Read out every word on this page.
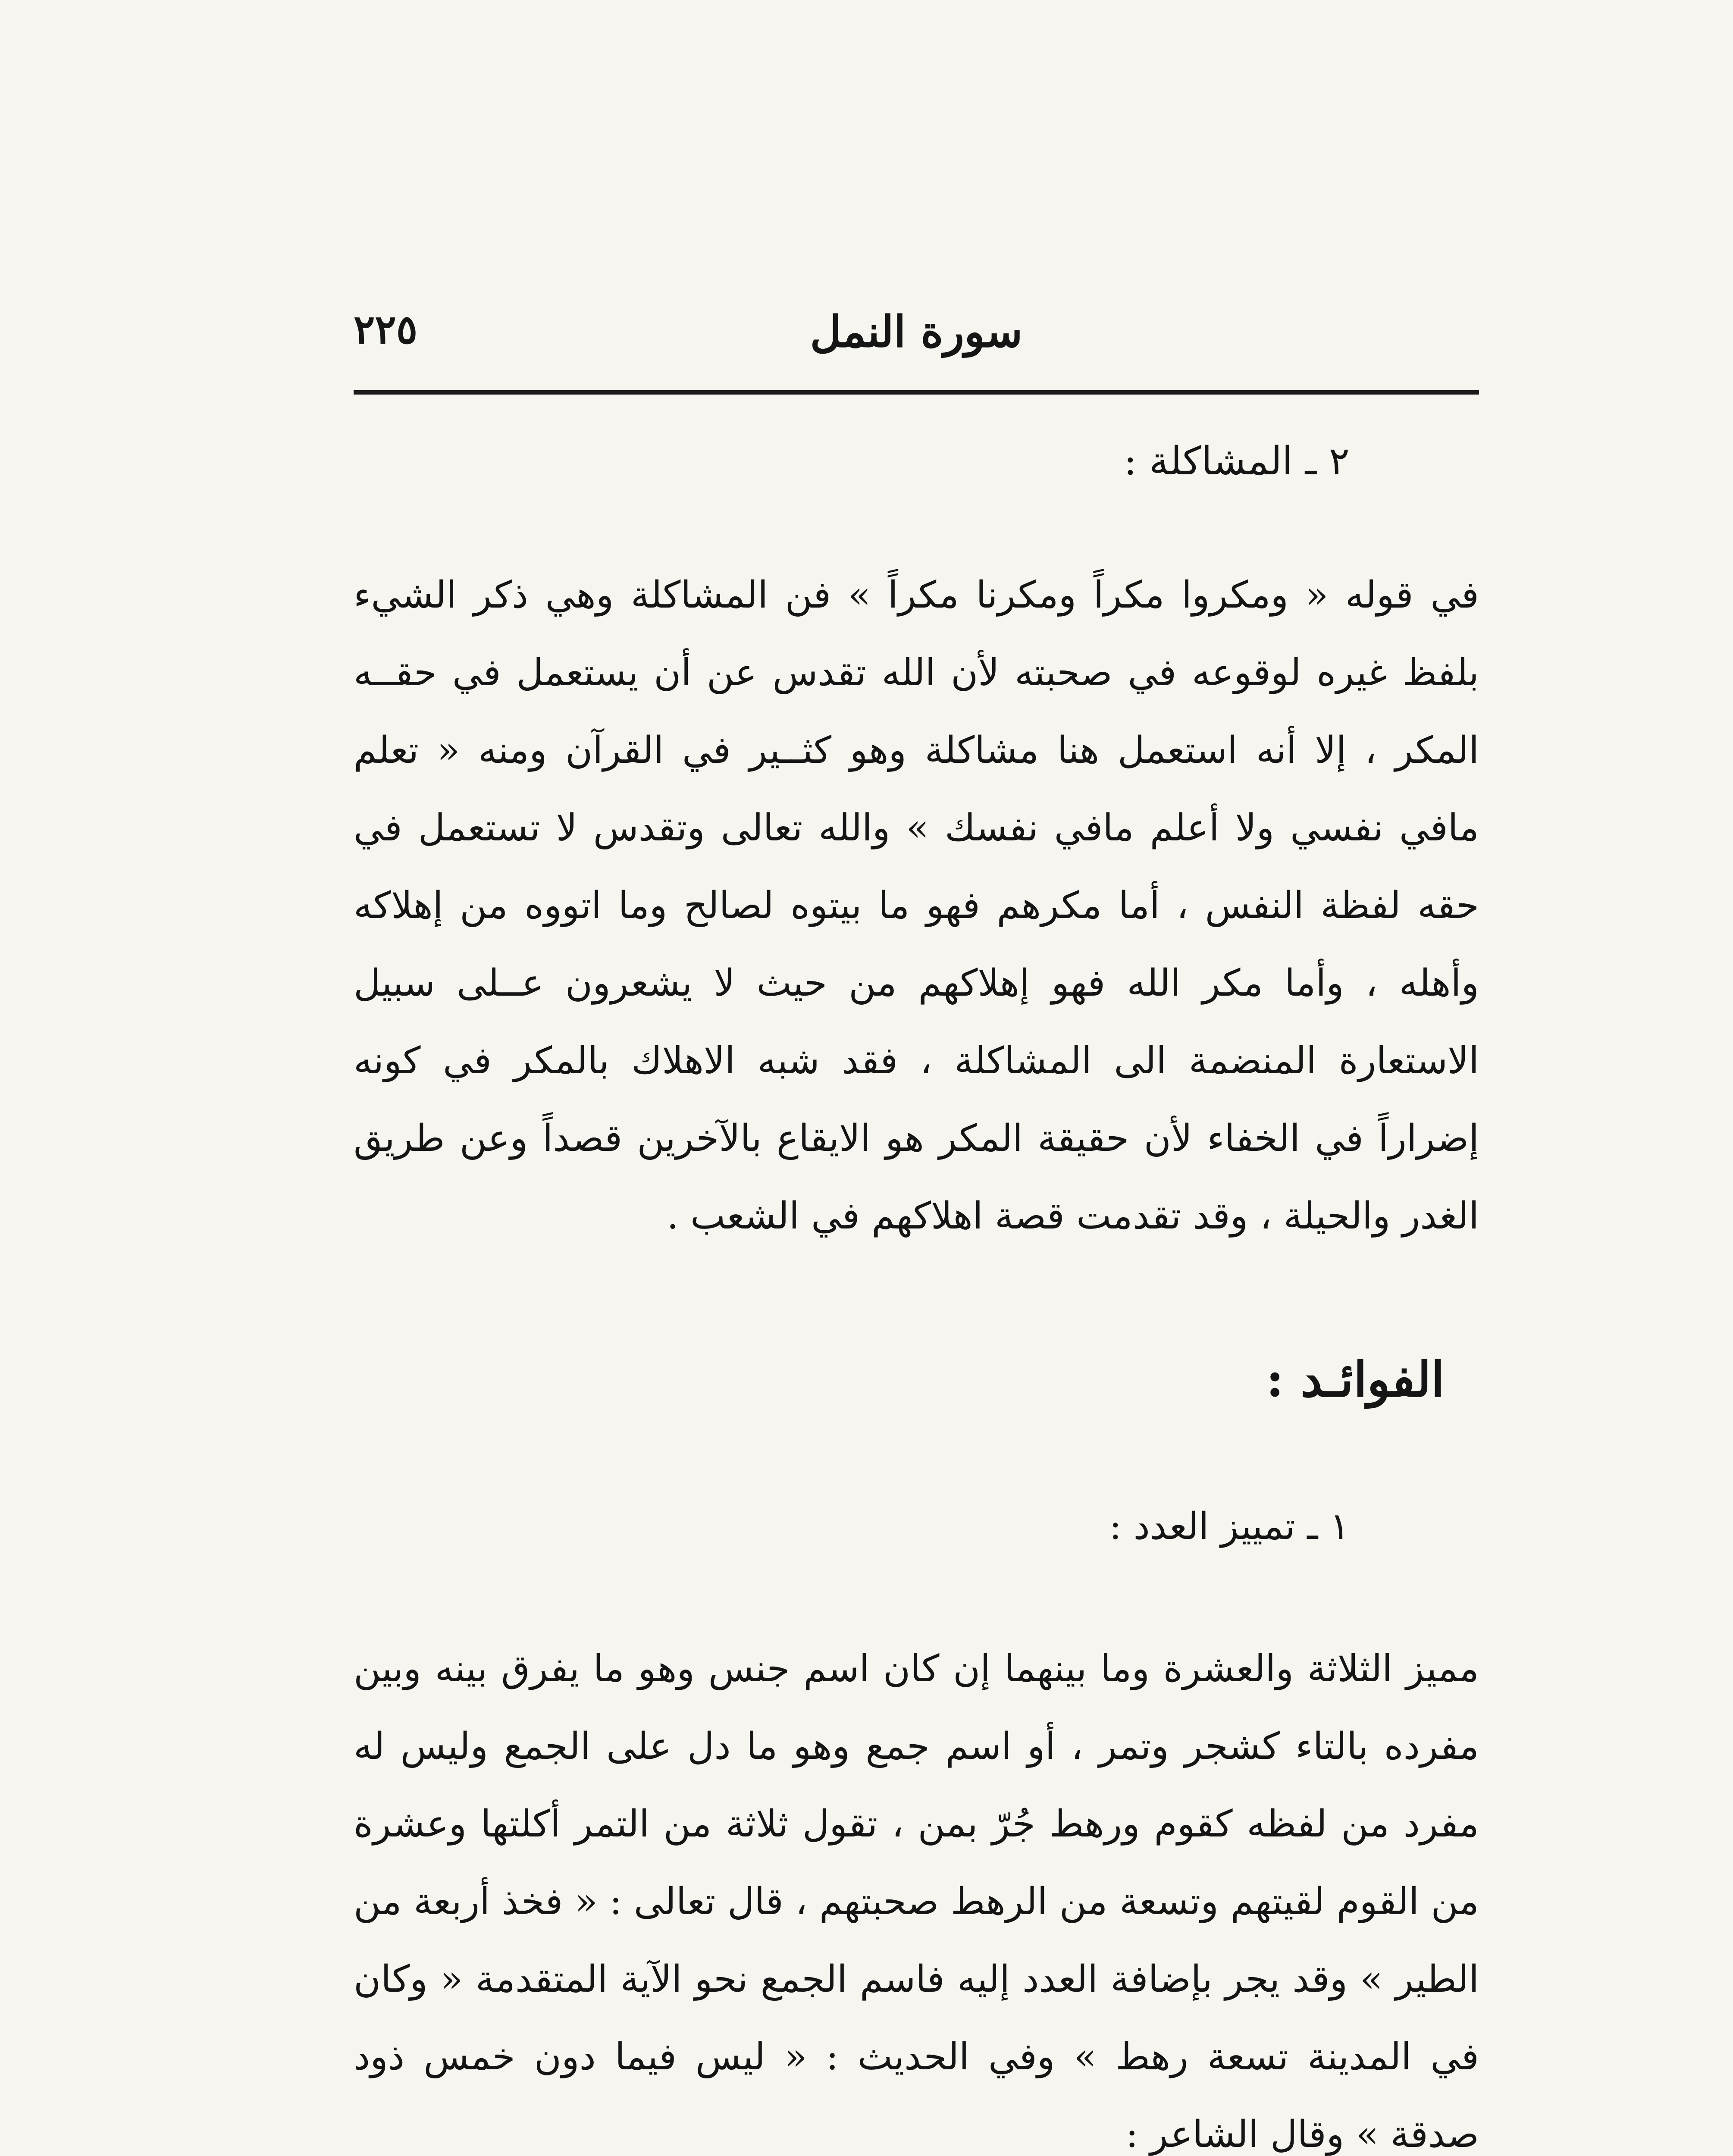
٢٢٥	سورة النمل
٢ ـ المشاكلة :

في قوله « ومكروا مكراً ومكرنا مكراً » فن المشاكلة وهي ذكر الشيء بلفظ غيره لوقوعه في صحبته لأن الله تقدس عن أن يستعمل في حقــه المكر ، إلا أنه استعمل هنا مشاكلة وهو كثــير في القرآن ومنه « تعلم مافي نفسي ولا أعلم مافي نفسك » والله تعالى وتقدس لا تستعمل في حقه لفظة النفس ، أما مكرهم فهو ما بيتوه لصالح وما اتووه من إهلاكه وأهله ، وأما مكر الله فهو إهلاكهم من حيث لا يشعرون عــلى سبيل الاستعارة المنضمة الى المشاكلة ، فقد شبه الاهلاك بالمكر في كونه إضراراً في الخفاء لأن حقيقة المكر هو الايقاع بالآخرين قصداً وعن طريق الغدر والحيلة ، وقد تقدمت قصة اهلاكهم في الشعب .

الفوائـد :
١ ـ تمييز العدد :

مميز الثلاثة والعشرة وما بينهما إن كان اسم جنس وهو ما يفرق بينه وبين مفرده بالتاء كشجر وتمر ، أو اسم جمع وهو ما دل على الجمع وليس له مفرد من لفظه كقوم ورهط جُرّ بمن ، تقول ثلاثة من التمر أكلتها وعشرة من القوم لقيتهم وتسعة من الرهط صحبتهم ، قال تعالى : « فخذ أربعة من الطير » وقد يجر بإضافة العدد إليه فاسم الجمع نحو الآية المتقدمة « وكان في المدينة تسعة رهط » وفي الحديث : « ليس فيما دون خمس ذود صدقة » وقال الشاعر :
